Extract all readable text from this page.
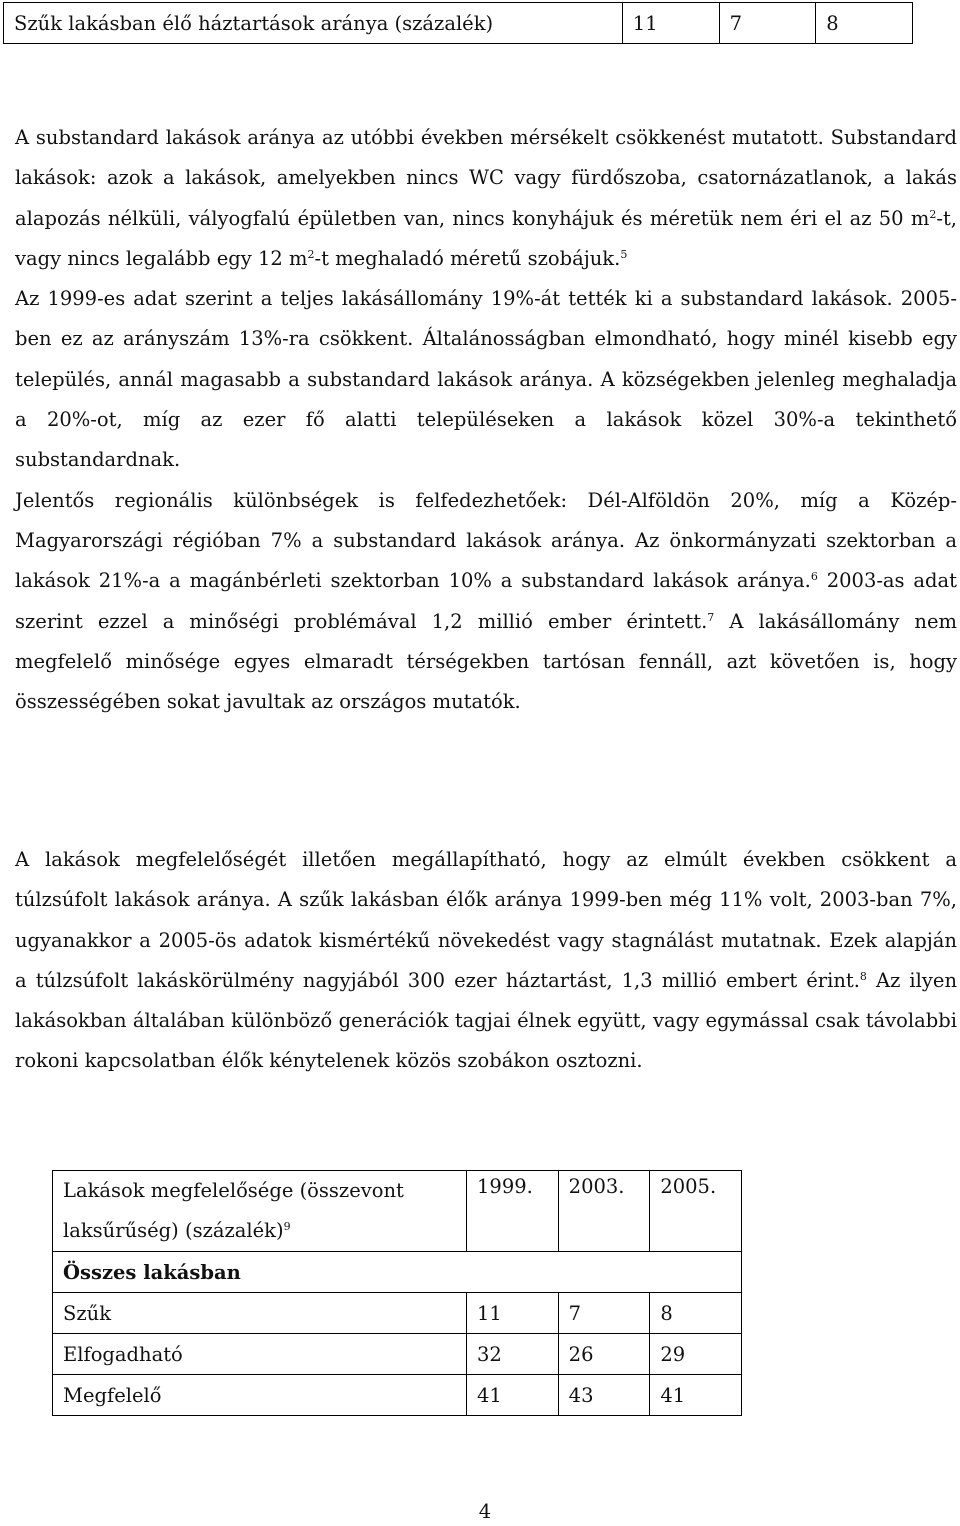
Szűk lakásban élő háztartások aránya (százalék)	11	7	8

A substandard lakások aránya az utóbbi években mérsékelt csökkenést mutatott. Substandard lakások: azok a lakások, amelyekben nincs WC vagy fürdőszoba, csatornázatlanok, a lakás alapozás nélküli, vályogfalú épületben van, nincs konyhájuk és méretük nem éri el az 50 $m^2-t$, vagy nincs legalább egy 12 $m^2-t$ meghaladó méretű szobájuk.$^5$
Az 1999-es adat szerint a teljes lakásállomány 19%-át tették ki a substandard lakások. 2005-ben ez az arányszám 13%-ra csökkent. Általánosságban elmondható, hogy minél kisebb egy település, annál magasabb a substandard lakások aránya. A községekben jelenleg meghaladja a 20%-ot, míg az ezer fő alatti településeken a lakások közel 30%-a tekinthető substandardnak.
Jelentős regionális különbségek is felfedezhetőek: Dél-Alföldön 20%, míg a Közép-Magyarországi régióban 7% a substandard lakások aránya. Az önkormányzati szektorban a lakások 21%-a a magánbérleti szektorban 10% a substandard lakások aránya.$^6$ 2003-as adat szerint ezzel a minőségi problémával 1,2 millió ember érintett.$^7$ A lakásállomány nem megfelelő minősége egyes elmaradt térségekben tartósan fennáll, azt követően is, hogy összességében sokat javultak az országos mutatók.

A lakások megfelelőségét illetően megállapítható, hogy az elmúlt években csökkent a túlzsúfolt lakások aránya. A szűk lakásban élők aránya 1999-ben még 11% volt, 2003-ban 7%, ugyanakkor a 2005-ös adatok kismértékű növekedést vagy stagnálást mutatnak. Ezek alapján a túlzsúfolt lakáskörülmény nagyjából 300 ezer háztartást, 1,3 millió embert érint.$^8$ Az ilyen lakásokban általában különböző generációk tagjai élnek együtt, vagy egymással csak távolabbi rokoni kapcsolatban élők kénytelenek közös szobákon osztozni.

Lakások megfelelősége (összevont laksűrűség) (százalék)$^9$	1999.	2003.	2005.
Összes lakásban			
Szűk	11	7	8
Elfogadható	32	26	29
Megfelelő	41	43	41
4
